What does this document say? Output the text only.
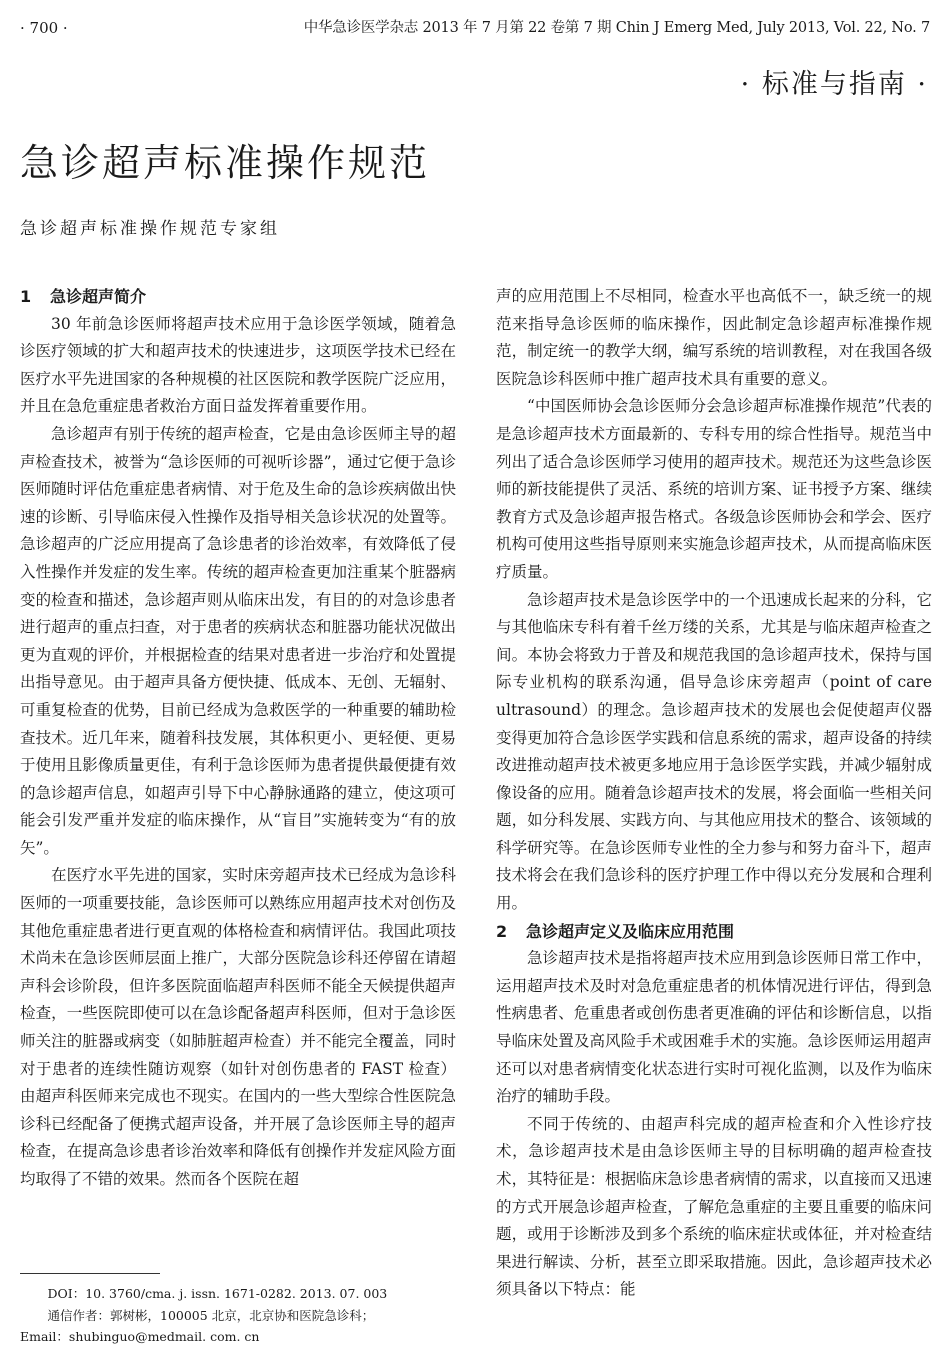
· 700 ·	中华急诊医学杂志 2013 年 7 月第 22 卷第 7 期 Chin J Emerg Med, July 2013, Vol. 22, No. 7
· 标准与指南 ·
急诊超声标准操作规范
急诊超声标准操作规范专家组
1 急诊超声简介

30 年前急诊医师将超声技术应用于急诊医学领域，随着急诊医疗领域的扩大和超声技术的快速进步，这项医学技术已经在医疗水平先进国家的各种规模的社区医院和教学医院广泛应用，并且在急危重症患者救治方面日益发挥着重要作用。

急诊超声有别于传统的超声检查，它是由急诊医师主导的超声检查技术，被誉为“急诊医师的可视听诊器”，通过它便于急诊医师随时评估危重症患者病情、对于危及生命的急诊疾病做出快速的诊断、引导临床侵入性操作及指导相关急诊状况的处置等。急诊超声的广泛应用提高了急诊患者的诊治效率，有效降低了侵入性操作并发症的发生率。传统的超声检查更加注重某个脏器病变的检查和描述，急诊超声则从临床出发，有目的的对急诊患者进行超声的重点扫查，对于患者的疾病状态和脏器功能状况做出更为直观的评价，并根据检查的结果对患者进一步治疗和处置提出指导意见。由于超声具备方便快捷、低成本、无创、无辐射、可重复检查的优势，目前已经成为急救医学的一种重要的辅助检查技术。近几年来，随着科技发展，其体积更小、更轻便、更易于使用且影像质量更佳，有利于急诊医师为患者提供最便捷有效的急诊超声信息，如超声引导下中心静脉通路的建立，使这项可能会引发严重并发症的临床操作，从“盲目”实施转变为“有的放矢”。

在医疗水平先进的国家，实时床旁超声技术已经成为急诊科医师的一项重要技能，急诊医师可以熟练应用超声技术对创伤及其他危重症患者进行更直观的体格检查和病情评估。我国此项技术尚未在急诊医师层面上推广，大部分医院急诊科还停留在请超声科会诊阶段，但许多医院面临超声科医师不能全天候提供超声检查，一些医院即使可以在急诊配备超声科医师，但对于急诊医师关注的脏器或病变（如肺脏超声检查）并不能完全覆盖，同时对于患者的连续性随访观察（如针对创伤患者的 FAST 检查）由超声科医师来完成也不现实。在国内的一些大型综合性医院急诊科已经配备了便携式超声设备，并开展了急诊医师主导的超声检查，在提高急诊患者诊治效率和降低有创操作并发症风险方面均取得了不错的效果。然而各个医院在超

声的应用范围上不尽相同，检查水平也高低不一，缺乏统一的规范来指导急诊医师的临床操作，因此制定急诊超声标准操作规范，制定统一的教学大纲，编写系统的培训教程，对在我国各级医院急诊科医师中推广超声技术具有重要的意义。

“中国医师协会急诊医师分会急诊超声标准操作规范”代表的是急诊超声技术方面最新的、专科专用的综合性指导。规范当中列出了适合急诊医师学习使用的超声技术。规范还为这些急诊医师的新技能提供了灵活、系统的培训方案、证书授予方案、继续教育方式及急诊超声报告格式。各级急诊医师协会和学会、医疗机构可使用这些指导原则来实施急诊超声技术，从而提高临床医疗质量。

急诊超声技术是急诊医学中的一个迅速成长起来的分科，它与其他临床专科有着千丝万缕的关系，尤其是与临床超声检查之间。本协会将致力于普及和规范我国的急诊超声技术，保持与国际专业机构的联系沟通，倡导急诊床旁超声（point of care ultrasound）的理念。急诊超声技术的发展也会促使超声仪器变得更加符合急诊医学实践和信息系统的需求，超声设备的持续改进推动超声技术被更多地应用于急诊医学实践，并减少辐射成像设备的应用。随着急诊超声技术的发展，将会面临一些相关问题，如分科发展、实践方向、与其他应用技术的整合、该领域的科学研究等。在急诊医师专业性的全力参与和努力奋斗下，超声技术将会在我们急诊科的医疗护理工作中得以充分发展和合理利用。

2 急诊超声定义及临床应用范围

急诊超声技术是指将超声技术应用到急诊医师日常工作中，运用超声技术及时对急危重症患者的机体情况进行评估，得到急性病患者、危重患者或创伤患者更准确的评估和诊断信息，以指导临床处置及高风险手术或困难手术的实施。急诊医师运用超声还可以对患者病情变化状态进行实时可视化监测，以及作为临床治疗的辅助手段。

不同于传统的、由超声科完成的超声检查和介入性诊疗技术，急诊超声技术是由急诊医师主导的目标明确的超声检查技术，其特征是：根据临床急诊患者病情的需求，以直接而又迅速的方式开展急诊超声检查，了解危急重症的主要且重要的临床问题，或用于诊断涉及到多个系统的临床症状或体征，并对检查结果进行解读、分析，甚至立即采取措施。因此，急诊超声技术必须具备以下特点：能

DOI：10. 3760/cma. j. issn. 1671-0282. 2013. 07. 003
通信作者：郭树彬，100005 北京，北京协和医院急诊科；
Email：shubinguo@medmail. com. cn
